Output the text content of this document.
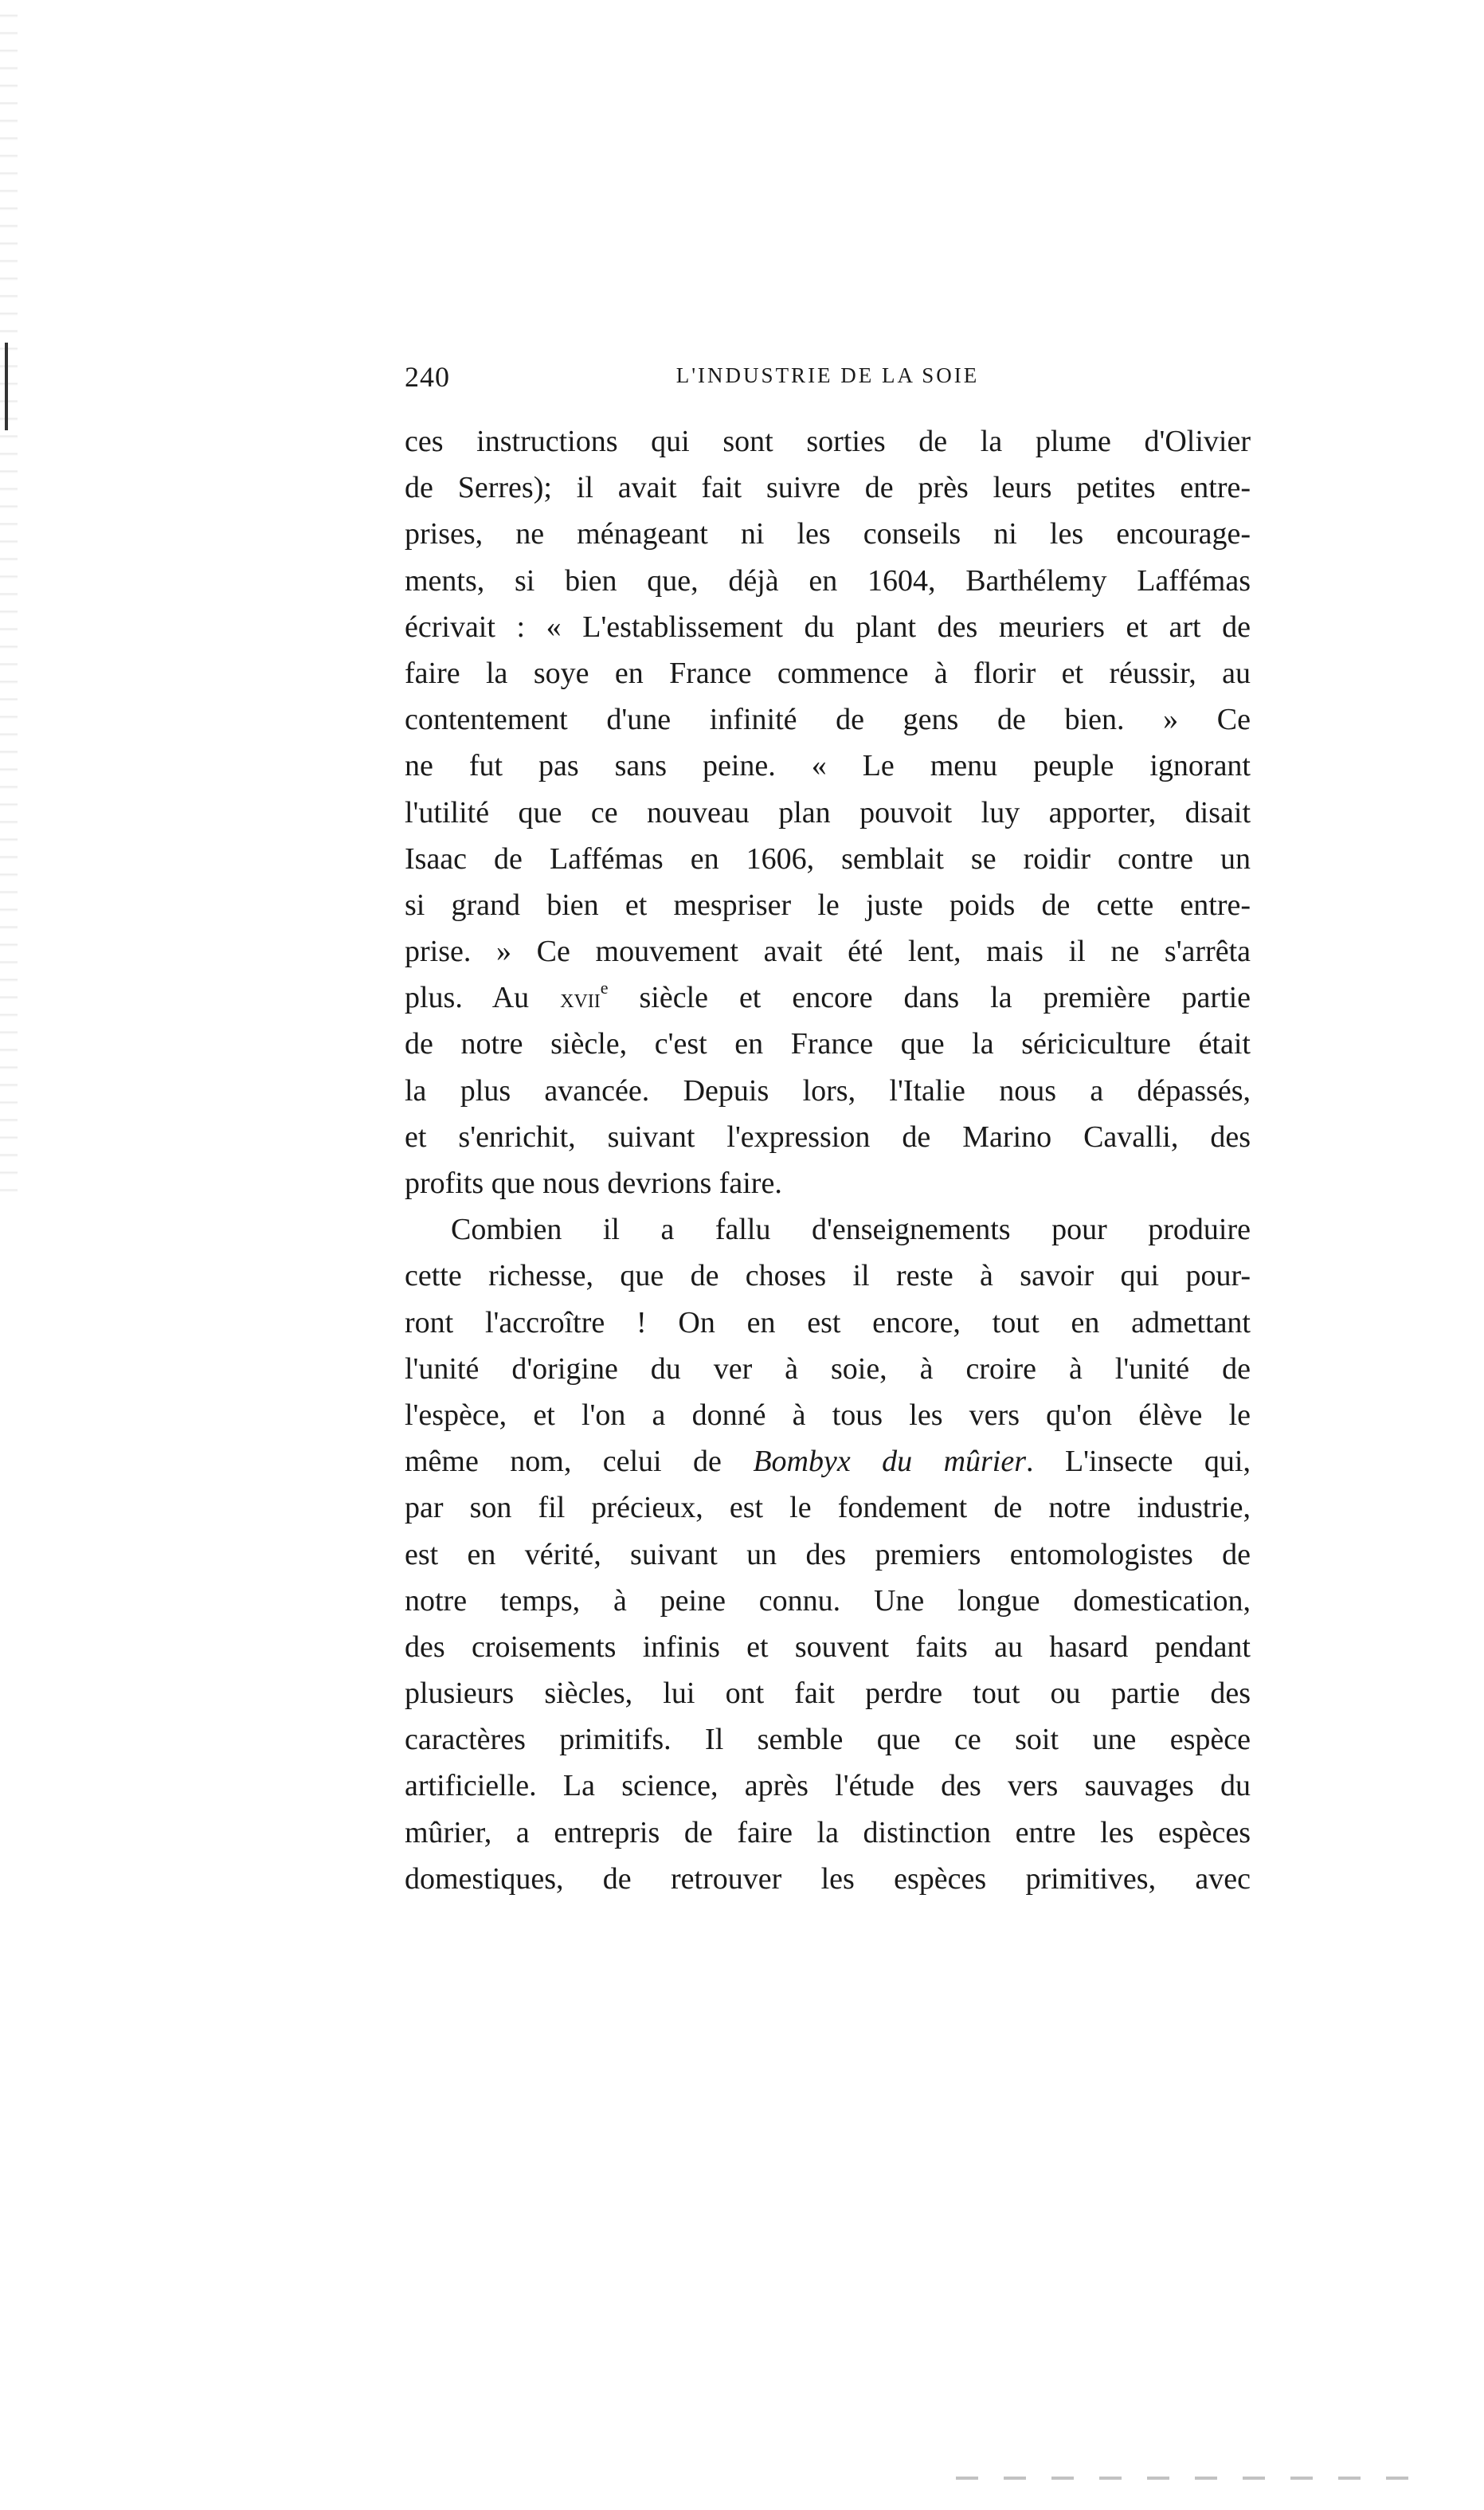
240	L'INDUSTRIE DE LA SOIE
ces instructions qui sont sorties de la plume d'Olivier
de Serres); il avait fait suivre de près leurs petites entre-
prises, ne ménageant ni les conseils ni les encourage-
ments, si bien que, déjà en 1604, Barthélemy Laffémas
écrivait : « L'establissement du plant des meuriers et art de
faire la soye en France commence à florir et réussir, au
contentement d'une infinité de gens de bien. » Ce
ne fut pas sans peine. « Le menu peuple ignorant
l'utilité que ce nouveau plan pouvoit luy apporter, disait
Isaac de Laffémas en 1606, semblait se roidir contre un
si grand bien et mespriser le juste poids de cette entre-
prise. » Ce mouvement avait été lent, mais il ne s'arrêta
plus. Au xvii$^e$ siècle et encore dans la première partie
de notre siècle, c'est en France que la sériciculture était
la plus avancée. Depuis lors, l'Italie nous a dépassés,
et s'enrichit, suivant l'expression de Marino Cavalli, des
profits que nous devrions faire.
Combien il a fallu d'enseignements pour produire
cette richesse, que de choses il reste à savoir qui pour-
ront l'accroître ! On en est encore, tout en admettant
l'unité d'origine du ver à soie, à croire à l'unité de
l'espèce, et l'on a donné à tous les vers qu'on élève le
même nom, celui de Bombyx du mûrier. L'insecte qui,
par son fil précieux, est le fondement de notre industrie,
est en vérité, suivant un des premiers entomologistes de
notre temps, à peine connu. Une longue domestication,
des croisements infinis et souvent faits au hasard pendant
plusieurs siècles, lui ont fait perdre tout ou partie des
caractères primitifs. Il semble que ce soit une espèce
artificielle. La science, après l'étude des vers sauvages du
mûrier, a entrepris de faire la distinction entre les espèces
domestiques, de retrouver les espèces primitives, avec
